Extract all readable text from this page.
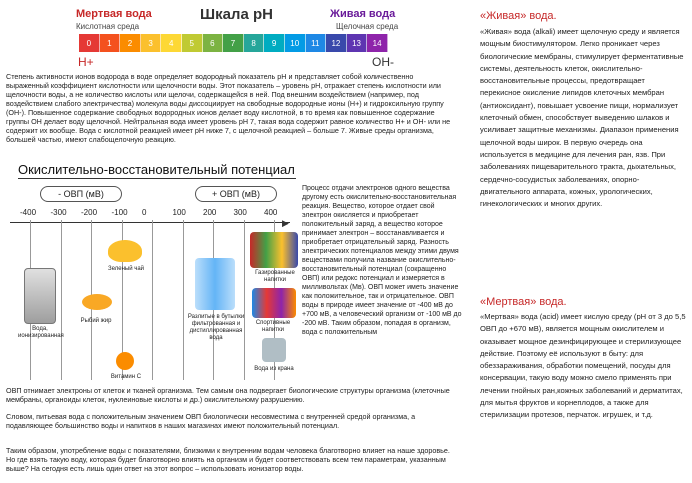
Мертвая вода
Кислотная среда
Шкала pH	Живая вода
Щелочная среда
0	1	2	3	4	5	6	7	8	9	10	11	12	13	14
H+	OH-
Степень активности ионов водорода в воде определяет водородный показатель pH и представляет собой количественно выраженный коэффициент кислотности или щелочности воды. Этот показатель – уровень pH, отражает степень кислотности или щелочности воды, а не количество кислоты или щелочи, содержащейся в ней. Под внешним воздействием (например, под воздействием слабого электричества) молекула воды диссоциирует на свободные водородные ионы (H+) и гидроксильную группу (OH-). Повышенное содержание свободных водородных ионов делает воду кислотной, в то время как повышенное содержание группы OH делает воду щелочной. Нейтральная вода имеет уровень pH 7, такая вода содержит равное количество H+ и OH- или не содержит их вообще. Вода с кислотной реакцией имеет pH ниже 7, с щелочной реакцией – больше 7. Живые среды организма, большей частью, имеют слабощелочную реакцию.
Окислительно-восстановительный потенциал
- ОВП (мВ)	+ ОВП (мВ)
▶
-400 -300 -200 -100 0	100 200 300 400
Вода, ионизированная
Зеленый чай
Рыбий жир
Витамин С
Разлитые в бутылки фильтрованная и дистиллированная вода
Газированные напитки
Спортивные напитки
Вода из крана
Процесс отдачи электронов одного вещества другому есть окислительно-восстановительная реакция. Вещество, которое отдает свой электрон окисляется и приобретает положительный заряд, а вещество которое принимает электрон – восстанавливается и приобретает отрицательный заряд. Разность электрических потенциалов между этими двумя веществами получила название окислительно-восстановительный потенциал (сокращенно ОВП) или редокс потенциал и измеряется в милливольтах (Мв). ОВП может иметь значение как положительное, так и отрицательное. ОВП воды в природе имеет значение от -400 мВ до +700 мВ, а человеческий организм от -100 мВ до -200 мВ. Таким образом, попадая в организм, вода с положительным
ОВП отнимает электроны от клеток и тканей организма. Тем самым она подвергает биологические структуры организма (клеточные мембраны, органоиды клеток, нуклеиновые кислоты и др.) окислительному разрушению.
Словом, питьевая вода с положительным значением ОВП биологически несовместима с внутренней средой организма, а подавляющее большинство воды и напитков в наших магазинах имеют положительный потенциал.
Таким образом, употребление воды с показателями, близкими к внутренним водам человека благотворно влияет на наше здоровье. Но где взять такую воду, которая будет благотворно влиять на организм и будет соответствовать всем тем параметрам, указанным выше? На сегодня есть лишь один ответ на этот вопрос – использовать ионизатор воды.
«Живая» вода.
«Живая» вода (alkali) имеет щелочную среду и является мощным биостимулятором. Легко проникает через биологические мембраны, стимулирует ферментативные системы, деятельность клеток, окислительно-восстановительные процессы, предотвращает перекисное окисление липидов клеточных мембран (антиоксидант), повышает усвоение пищи, нормализует клеточный обмен, способствует выведению шлаков и усиливает защитные механизмы. Диапазон применения щелочной воды широк. В первую очередь она используется в медицине для лечения ран, язв. При заболеваниях пищеварительного тракта, дыхательных, сердечно-сосудистых заболеваниях, опорно-двигательного аппарата, кожных, урологических, гинекологических и многих других.
«Мертвая» вода.
«Мертвая» вода (acid) имеет кислую среду (pH от 3 до 5,5 ОВП до +670 мВ), является мощным окислителем и оказывает мощное дезинфицирующее и стерилизующее действие. Поэтому её используют в быту: для обеззараживания, обработки помещений, посуды для консервации, такую воду можно смело применять при лечении гнойных ран,кожных заболеваний и дерматитах, для мытья фруктов и корнеплодов, а также для стерилизации протезов, перчаток. игрушек, и т.д.
